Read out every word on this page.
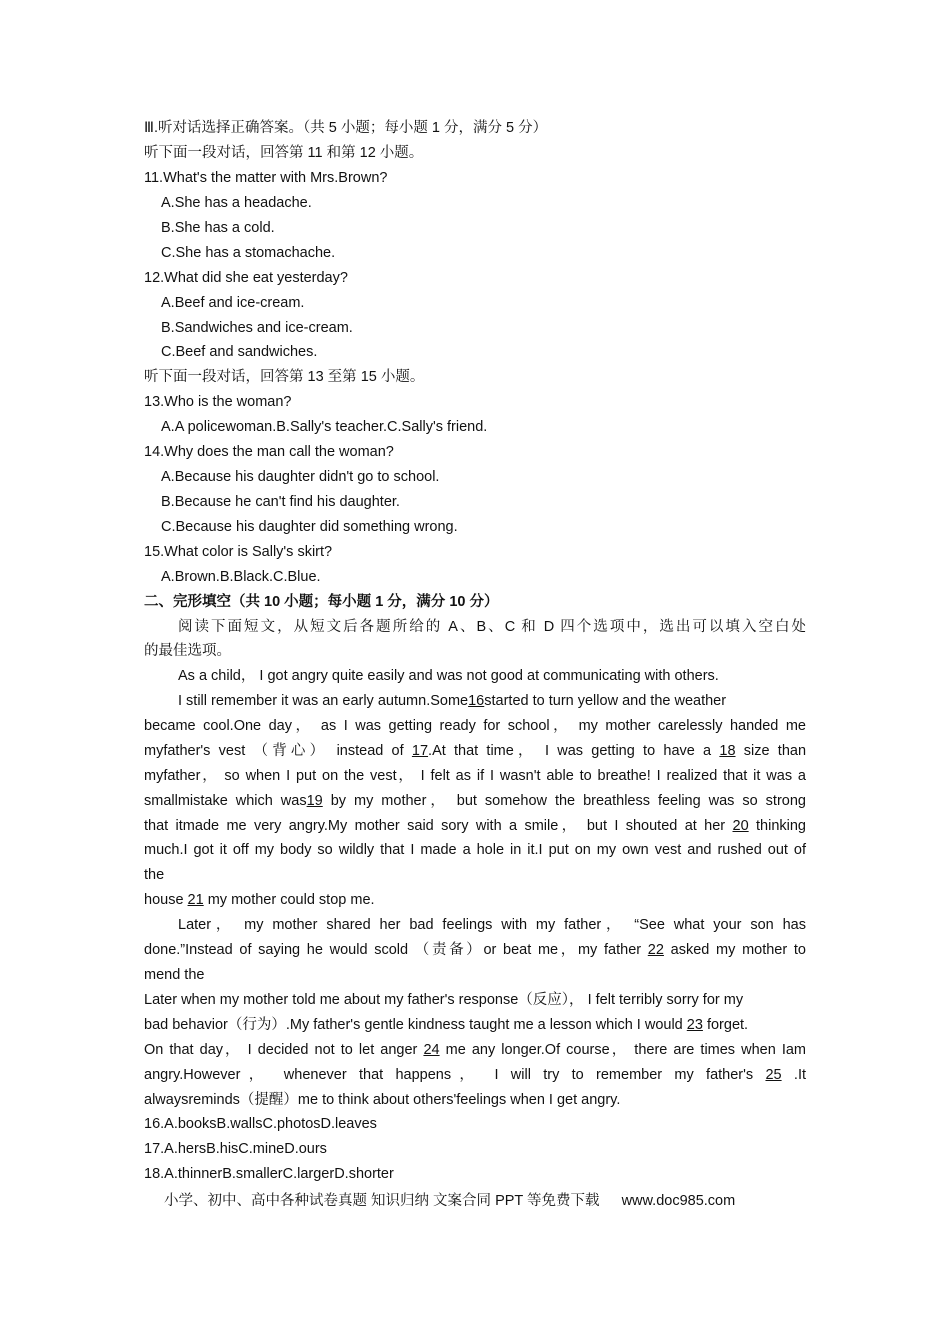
Ⅲ.听对话选择正确答案。（共 5 小题；每小题 1 分，满分 5 分）
听下面一段对话，回答第 11 和第 12 小题。
11.What's the matter with Mrs.Brown?
A.She has a headache.
B.She has a cold.
C.She has a stomachache.
12.What did she eat yesterday?
A.Beef and ice-cream.
B.Sandwiches and ice-cream.
C.Beef and sandwiches.
听下面一段对话，回答第 13 至第 15 小题。
13.Who is the woman?
A.A policewoman.B.Sally's teacher.C.Sally's friend.
14.Why does the man call the woman?
A.Because his daughter didn't go to school.
B.Because he can't find his daughter.
C.Because his daughter did something wrong.
15.What color is Sally's skirt?
A.Brown.B.Black.C.Blue.
二、完形填空（共 10 小题；每小题 1 分，满分 10 分）
阅读下面短文，从短文后各题所给的 A、B、C 和 D 四个选项中，选出可以填入空白处
的最佳选项。
As a child， I got angry quite easily and was not good at communicating with others.
I still remember it was an early autumn.Some16started to turn yellow and the weather
became cool.One day， as I was getting ready for school， my mother carelessly handed me
myfather's vest （背心） instead of 17.At that time， I was getting to have a 18 size than
myfather， so when I put on the vest， I felt as if I wasn't able to breathe! I realized that it was a
smallmistake which was19 by my mother， but somehow the breathless feeling was so strong
that itmade me very angry.My mother said sory with a smile， but I shouted at her 20 thinking
much.I got it off my body so wildly that I made a hole in it.I put on my own vest and rushed out of
the
house 21 my mother could stop me.
Later， my mother shared her bad feelings with my father， “See what your son has
done.”Instead of saying he would scold （责备）or beat me，my father 22 asked my mother to
mend the
Later when my mother told me about my father's response（反应）， I felt terribly sorry for my
bad behavior（行为）.My father's gentle kindness taught me a lesson which I would 23 forget.
On that day， I decided not to let anger 24 me any longer.Of course， there are times when Iam
angry.However， whenever that happens， I will try to remember my father's 25 .It
alwaysreminds（提醒）me to think about others'feelings when I get angry.
16.A.booksB.wallsC.photosD.leaves
17.A.hersB.hisC.mineD.ours
18.A.thinnerB.smallerC.largerD.shorter
小学、初中、高中各种试卷真题 知识归纳 文案合同 PPT 等免费下载 www.doc985.com
